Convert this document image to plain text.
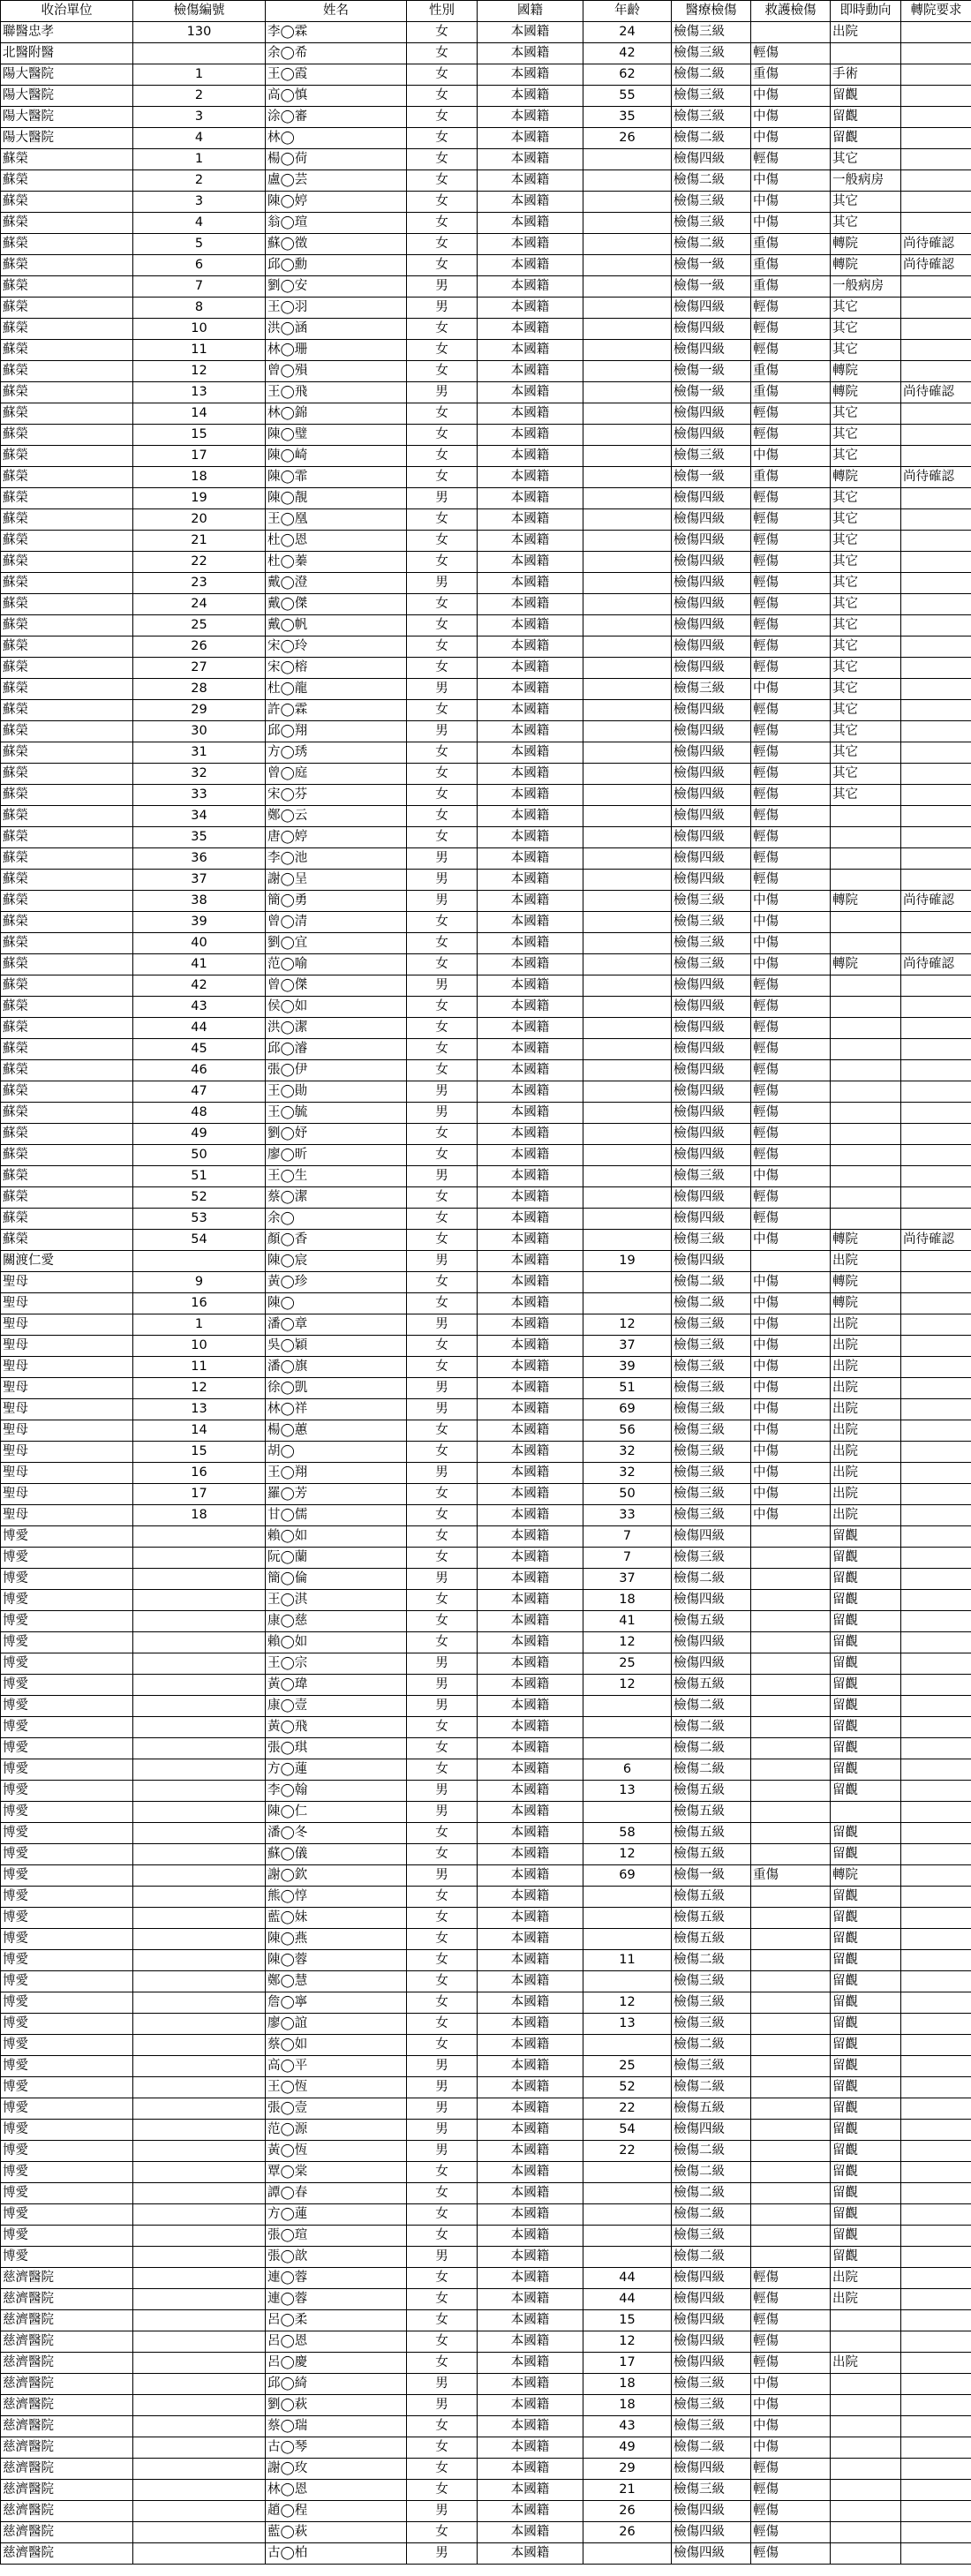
收治單位	檢傷編號	姓名	性別	國籍	年齡	醫療檢傷	救護檢傷	即時動向	轉院要求
聯醫忠孝	130	李◯霖	女	本國籍	24	檢傷三級		出院	
北醫附醫		余◯希	女	本國籍	42	檢傷三級	輕傷		
陽大醫院	1	王◯霞	女	本國籍	62	檢傷二級	重傷	手術	
陽大醫院	2	高◯慎	女	本國籍	55	檢傷三級	中傷	留觀	
陽大醫院	3	涂◯審	女	本國籍	35	檢傷三級	中傷	留觀	
陽大醫院	4	林◯	女	本國籍	26	檢傷二級	中傷	留觀	
蘇榮	1	楊◯荷	女	本國籍		檢傷四級	輕傷	其它	
蘇榮	2	盧◯芸	女	本國籍		檢傷二級	中傷	一般病房	
蘇榮	3	陳◯婷	女	本國籍		檢傷三級	中傷	其它	
蘇榮	4	翁◯瑄	女	本國籍		檢傷三級	中傷	其它	
蘇榮	5	蘇◯徵	女	本國籍		檢傷二級	重傷	轉院	尚待確認
蘇榮	6	邱◯勳	女	本國籍		檢傷一級	重傷	轉院	尚待確認
蘇榮	7	劉◯安	男	本國籍		檢傷一級	重傷	一般病房	
蘇榮	8	王◯羽	男	本國籍		檢傷四級	輕傷	其它	
蘇榮	10	洪◯涵	女	本國籍		檢傷四級	輕傷	其它	
蘇榮	11	林◯珊	女	本國籍		檢傷四級	輕傷	其它	
蘇榮	12	曾◯殞	女	本國籍		檢傷一級	重傷	轉院	
蘇榮	13	王◯飛	男	本國籍		檢傷一級	重傷	轉院	尚待確認
蘇榮	14	林◯錦	女	本國籍		檢傷四級	輕傷	其它	
蘇榮	15	陳◯璧	女	本國籍		檢傷四級	輕傷	其它	
蘇榮	17	陳◯崎	女	本國籍		檢傷三級	中傷	其它	
蘇榮	18	陳◯霏	女	本國籍		檢傷一級	重傷	轉院	尚待確認
蘇榮	19	陳◯靚	男	本國籍		檢傷四級	輕傷	其它	
蘇榮	20	王◯凰	女	本國籍		檢傷四級	輕傷	其它	
蘇榮	21	杜◯恩	女	本國籍		檢傷四級	輕傷	其它	
蘇榮	22	杜◯蓁	女	本國籍		檢傷四級	輕傷	其它	
蘇榮	23	戴◯澄	男	本國籍		檢傷四級	輕傷	其它	
蘇榮	24	戴◯傑	女	本國籍		檢傷四級	輕傷	其它	
蘇榮	25	戴◯帆	女	本國籍		檢傷四級	輕傷	其它	
蘇榮	26	宋◯玲	女	本國籍		檢傷四級	輕傷	其它	
蘇榮	27	宋◯榕	女	本國籍		檢傷四級	輕傷	其它	
蘇榮	28	杜◯龍	男	本國籍		檢傷三級	中傷	其它	
蘇榮	29	許◯霖	女	本國籍		檢傷四級	輕傷	其它	
蘇榮	30	邱◯翔	男	本國籍		檢傷四級	輕傷	其它	
蘇榮	31	方◯琇	女	本國籍		檢傷四級	輕傷	其它	
蘇榮	32	曾◯庭	女	本國籍		檢傷四級	輕傷	其它	
蘇榮	33	宋◯芬	女	本國籍		檢傷四級	輕傷	其它	
蘇榮	34	鄭◯云	女	本國籍		檢傷四級	輕傷		
蘇榮	35	唐◯婷	女	本國籍		檢傷四級	輕傷		
蘇榮	36	李◯池	男	本國籍		檢傷四級	輕傷		
蘇榮	37	謝◯呈	男	本國籍		檢傷四級	輕傷		
蘇榮	38	簡◯勇	男	本國籍		檢傷三級	中傷	轉院	尚待確認
蘇榮	39	曾◯清	女	本國籍		檢傷三級	中傷		
蘇榮	40	劉◯宜	女	本國籍		檢傷三級	中傷		
蘇榮	41	范◯喻	女	本國籍		檢傷三級	中傷	轉院	尚待確認
蘇榮	42	曾◯傑	男	本國籍		檢傷四級	輕傷		
蘇榮	43	侯◯如	女	本國籍		檢傷四級	輕傷		
蘇榮	44	洪◯潔	女	本國籍		檢傷四級	輕傷		
蘇榮	45	邱◯濬	女	本國籍		檢傷四級	輕傷		
蘇榮	46	張◯伊	女	本國籍		檢傷四級	輕傷		
蘇榮	47	王◯勛	男	本國籍		檢傷四級	輕傷		
蘇榮	48	王◯毓	男	本國籍		檢傷四級	輕傷		
蘇榮	49	劉◯妤	女	本國籍		檢傷四級	輕傷		
蘇榮	50	廖◯昕	女	本國籍		檢傷四級	輕傷		
蘇榮	51	王◯生	男	本國籍		檢傷三級	中傷		
蘇榮	52	蔡◯潔	女	本國籍		檢傷四級	輕傷		
蘇榮	53	余◯	女	本國籍		檢傷四級	輕傷		
蘇榮	54	顏◯香	女	本國籍		檢傷三級	中傷	轉院	尚待確認
關渡仁愛		陳◯宸	男	本國籍	19	檢傷四級		出院	
聖母	9	黃◯珍	女	本國籍		檢傷二級	中傷	轉院	
聖母	16	陳◯	女	本國籍		檢傷二級	中傷	轉院	
聖母	1	潘◯章	男	本國籍	12	檢傷三級	中傷	出院	
聖母	10	吳◯穎	女	本國籍	37	檢傷三級	中傷	出院	
聖母	11	潘◯旗	女	本國籍	39	檢傷三級	中傷	出院	
聖母	12	徐◯凱	男	本國籍	51	檢傷三級	中傷	出院	
聖母	13	林◯祥	男	本國籍	69	檢傷三級	中傷	出院	
聖母	14	楊◯蕙	女	本國籍	56	檢傷三級	中傷	出院	
聖母	15	胡◯	女	本國籍	32	檢傷三級	中傷	出院	
聖母	16	王◯翔	男	本國籍	32	檢傷三級	中傷	出院	
聖母	17	羅◯芳	女	本國籍	50	檢傷三級	中傷	出院	
聖母	18	甘◯儒	女	本國籍	33	檢傷三級	中傷	出院	
博愛		賴◯如	女	本國籍	7	檢傷四級		留觀	
博愛		阮◯蘭	女	本國籍	7	檢傷三級		留觀	
博愛		簡◯倫	男	本國籍	37	檢傷二級		留觀	
博愛		王◯淇	女	本國籍	18	檢傷四級		留觀	
博愛		康◯慈	女	本國籍	41	檢傷五級		留觀	
博愛		賴◯如	女	本國籍	12	檢傷四級		留觀	
博愛		王◯宗	男	本國籍	25	檢傷四級		留觀	
博愛		黃◯瑋	男	本國籍	12	檢傷五級		留觀	
博愛		康◯壹	男	本國籍		檢傷二級		留觀	
博愛		黃◯飛	女	本國籍		檢傷二級		留觀	
博愛		張◯琪	女	本國籍		檢傷二級		留觀	
博愛		方◯蓮	女	本國籍	6	檢傷二級		留觀	
博愛		李◯翰	男	本國籍	13	檢傷五級		留觀	
博愛		陳◯仁	男	本國籍		檢傷五級			
博愛		潘◯冬	女	本國籍	58	檢傷五級		留觀	
博愛		蘇◯儀	女	本國籍	12	檢傷五級		留觀	
博愛		謝◯欽	男	本國籍	69	檢傷一級	重傷	轉院	
博愛		熊◯惇	女	本國籍		檢傷五級		留觀	
博愛		藍◯妹	女	本國籍		檢傷五級		留觀	
博愛		陳◯燕	女	本國籍		檢傷五級		留觀	
博愛		陳◯蓉	女	本國籍	11	檢傷二級		留觀	
博愛		鄭◯慧	女	本國籍		檢傷三級		留觀	
博愛		詹◯寧	女	本國籍	12	檢傷三級		留觀	
博愛		廖◯誼	女	本國籍	13	檢傷三級		留觀	
博愛		蔡◯如	女	本國籍		檢傷二級		留觀	
博愛		高◯平	男	本國籍	25	檢傷三級		留觀	
博愛		王◯恆	男	本國籍	52	檢傷二級		留觀	
博愛		張◯壹	男	本國籍	22	檢傷五級		留觀	
博愛		范◯源	男	本國籍	54	檢傷四級		留觀	
博愛		黃◯恆	男	本國籍	22	檢傷二級		留觀	
博愛		覃◯棠	女	本國籍		檢傷二級		留觀	
博愛		譚◯春	女	本國籍		檢傷二級		留觀	
博愛		方◯蓮	女	本國籍		檢傷二級		留觀	
博愛		張◯瑄	女	本國籍		檢傷三級		留觀	
博愛		張◯歆	男	本國籍		檢傷二級		留觀	
慈濟醫院		連◯蓉	女	本國籍	44	檢傷四級	輕傷	出院	
慈濟醫院		連◯蓉	女	本國籍	44	檢傷四級	輕傷	出院	
慈濟醫院		呂◯柔	女	本國籍	15	檢傷四級	輕傷		
慈濟醫院		呂◯恩	女	本國籍	12	檢傷四級	輕傷		
慈濟醫院		呂◯慶	女	本國籍	17	檢傷四級	輕傷	出院	
慈濟醫院		邱◯綺	男	本國籍	18	檢傷三級	中傷		
慈濟醫院		劉◯萩	男	本國籍	18	檢傷三級	中傷		
慈濟醫院		蔡◯瑞	女	本國籍	43	檢傷三級	中傷		
慈濟醫院		古◯琴	女	本國籍	49	檢傷二級	中傷		
慈濟醫院		謝◯玫	女	本國籍	29	檢傷四級	輕傷		
慈濟醫院		林◯恩	女	本國籍	21	檢傷三級	輕傷		
慈濟醫院		趙◯程	男	本國籍	26	檢傷四級	輕傷		
慈濟醫院		藍◯萩	女	本國籍	26	檢傷四級	輕傷		
慈濟醫院		古◯柏	男	本國籍		檢傷四級	輕傷		
